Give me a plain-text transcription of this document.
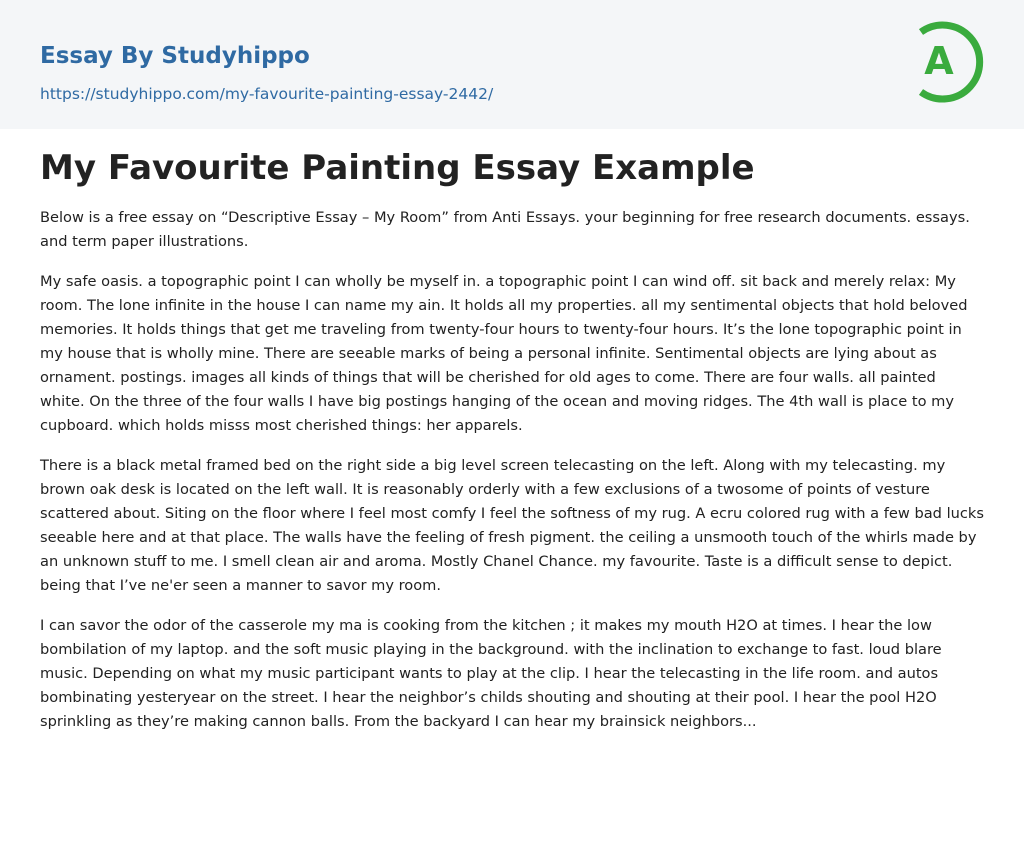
Essay By Studyhippo
https://studyhippo.com/my-favourite-painting-essay-2442/
A
My Favourite Painting Essay Example

Below is a free essay on “Descriptive Essay – My Room” from Anti Essays. your beginning for free research documents. essays. and term paper illustrations.

My safe oasis. a topographic point I can wholly be myself in. a topographic point I can wind off. sit back and merely relax: My room. The lone infinite in the house I can name my ain. It holds all my properties. all my sentimental objects that hold beloved memories. It holds things that get me traveling from twenty-four hours to twenty-four hours. It’s the lone topographic point in my house that is wholly mine. There are seeable marks of being a personal infinite. Sentimental objects are lying about as ornament. postings. images all kinds of things that will be cherished for old ages to come. There are four walls. all painted white. On the three of the four walls I have big postings hanging of the ocean and moving ridges. The 4th wall is place to my cupboard. which holds misss most cherished things: her apparels.

There is a black metal framed bed on the right side a big level screen telecasting on the left. Along with my telecasting. my brown oak desk is located on the left wall. It is reasonably orderly with a few exclusions of a twosome of points of vesture scattered about. Siting on the floor where I feel most comfy I feel the softness of my rug. A ecru colored rug with a few bad lucks seeable here and at that place. The walls have the feeling of fresh pigment. the ceiling a unsmooth touch of the whirls made by an unknown stuff to me. I smell clean air and aroma. Mostly Chanel Chance. my favourite. Taste is a difficult sense to depict. being that I’ve ne'er seen a manner to savor my room.

I can savor the odor of the casserole my ma is cooking from the kitchen ; it makes my mouth H2O at times. I hear the low bombilation of my laptop. and the soft music playing in the background. with the inclination to exchange to fast. loud blare music. Depending on what my music participant wants to play at the clip. I hear the telecasting in the life room. and autos bombinating yesteryear on the street. I hear the neighbor’s childs shouting and shouting at their pool. I hear the pool H2O sprinkling as they’re making cannon balls. From the backyard I can hear my brainsick neighbors...
